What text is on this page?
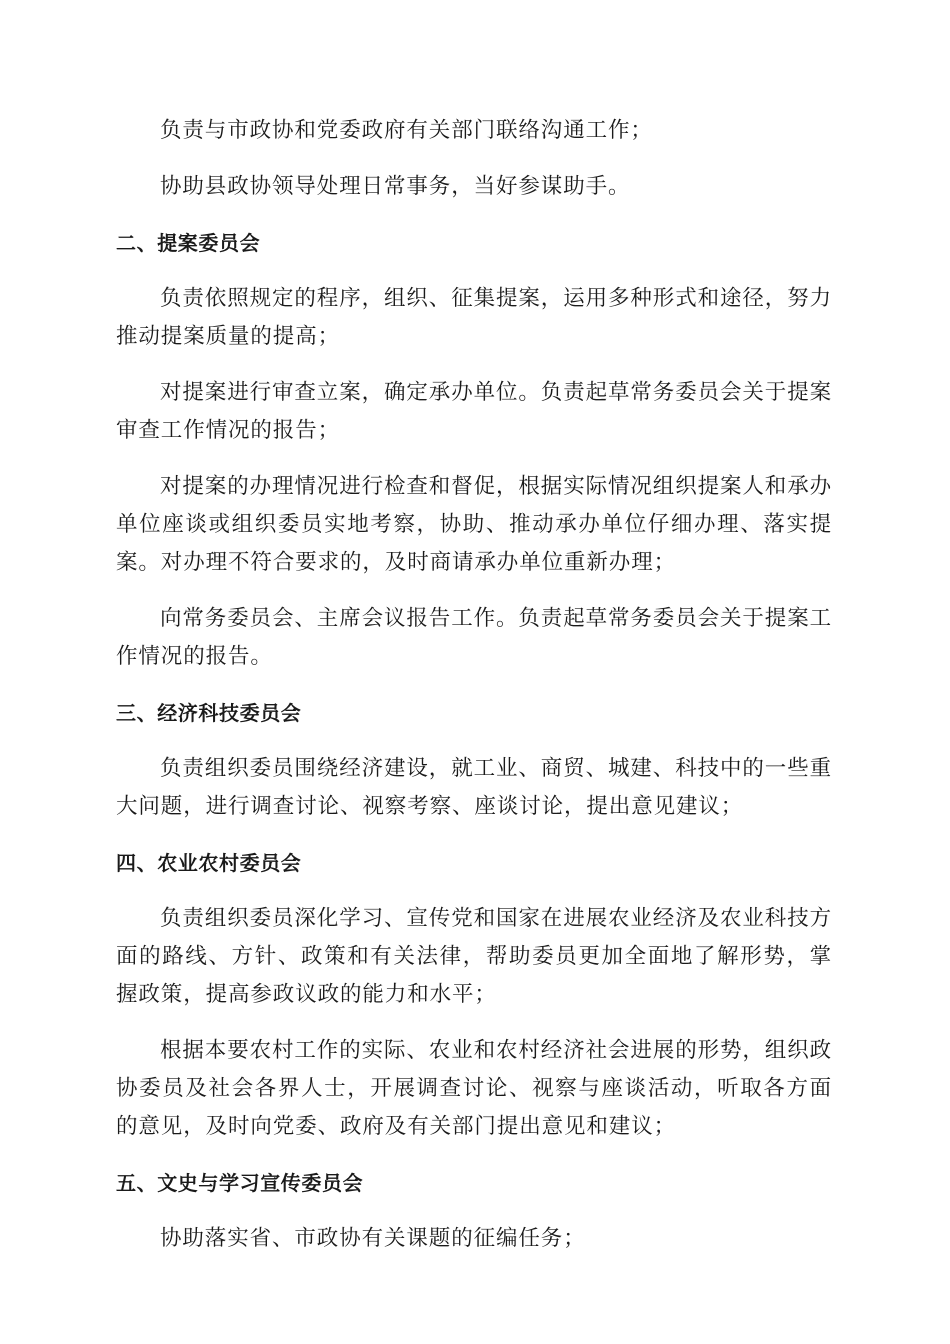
负责与市政协和党委政府有关部门联络沟通工作；

协助县政协领导处理日常事务，当好参谋助手。

二、提案委员会

负责依照规定的程序，组织、征集提案，运用多种形式和途径，努力推动提案质量的提高；

对提案进行审查立案，确定承办单位。负责起草常务委员会关于提案审查工作情况的报告；

对提案的办理情况进行检查和督促，根据实际情况组织提案人和承办单位座谈或组织委员实地考察，协助、推动承办单位仔细办理、落实提案。对办理不符合要求的，及时商请承办单位重新办理；

向常务委员会、主席会议报告工作。负责起草常务委员会关于提案工作情况的报告。

三、经济科技委员会

负责组织委员围绕经济建设，就工业、商贸、城建、科技中的一些重大问题，进行调查讨论、视察考察、座谈讨论，提出意见建议；

四、农业农村委员会

负责组织委员深化学习、宣传党和国家在进展农业经济及农业科技方面的路线、方针、政策和有关法律，帮助委员更加全面地了解形势，掌握政策，提高参政议政的能力和水平；

根据本要农村工作的实际、农业和农村经济社会进展的形势，组织政协委员及社会各界人士，开展调查讨论、视察与座谈活动，听取各方面的意见，及时向党委、政府及有关部门提出意见和建议；

五、文史与学习宣传委员会

协助落实省、市政协有关课题的征编任务；
